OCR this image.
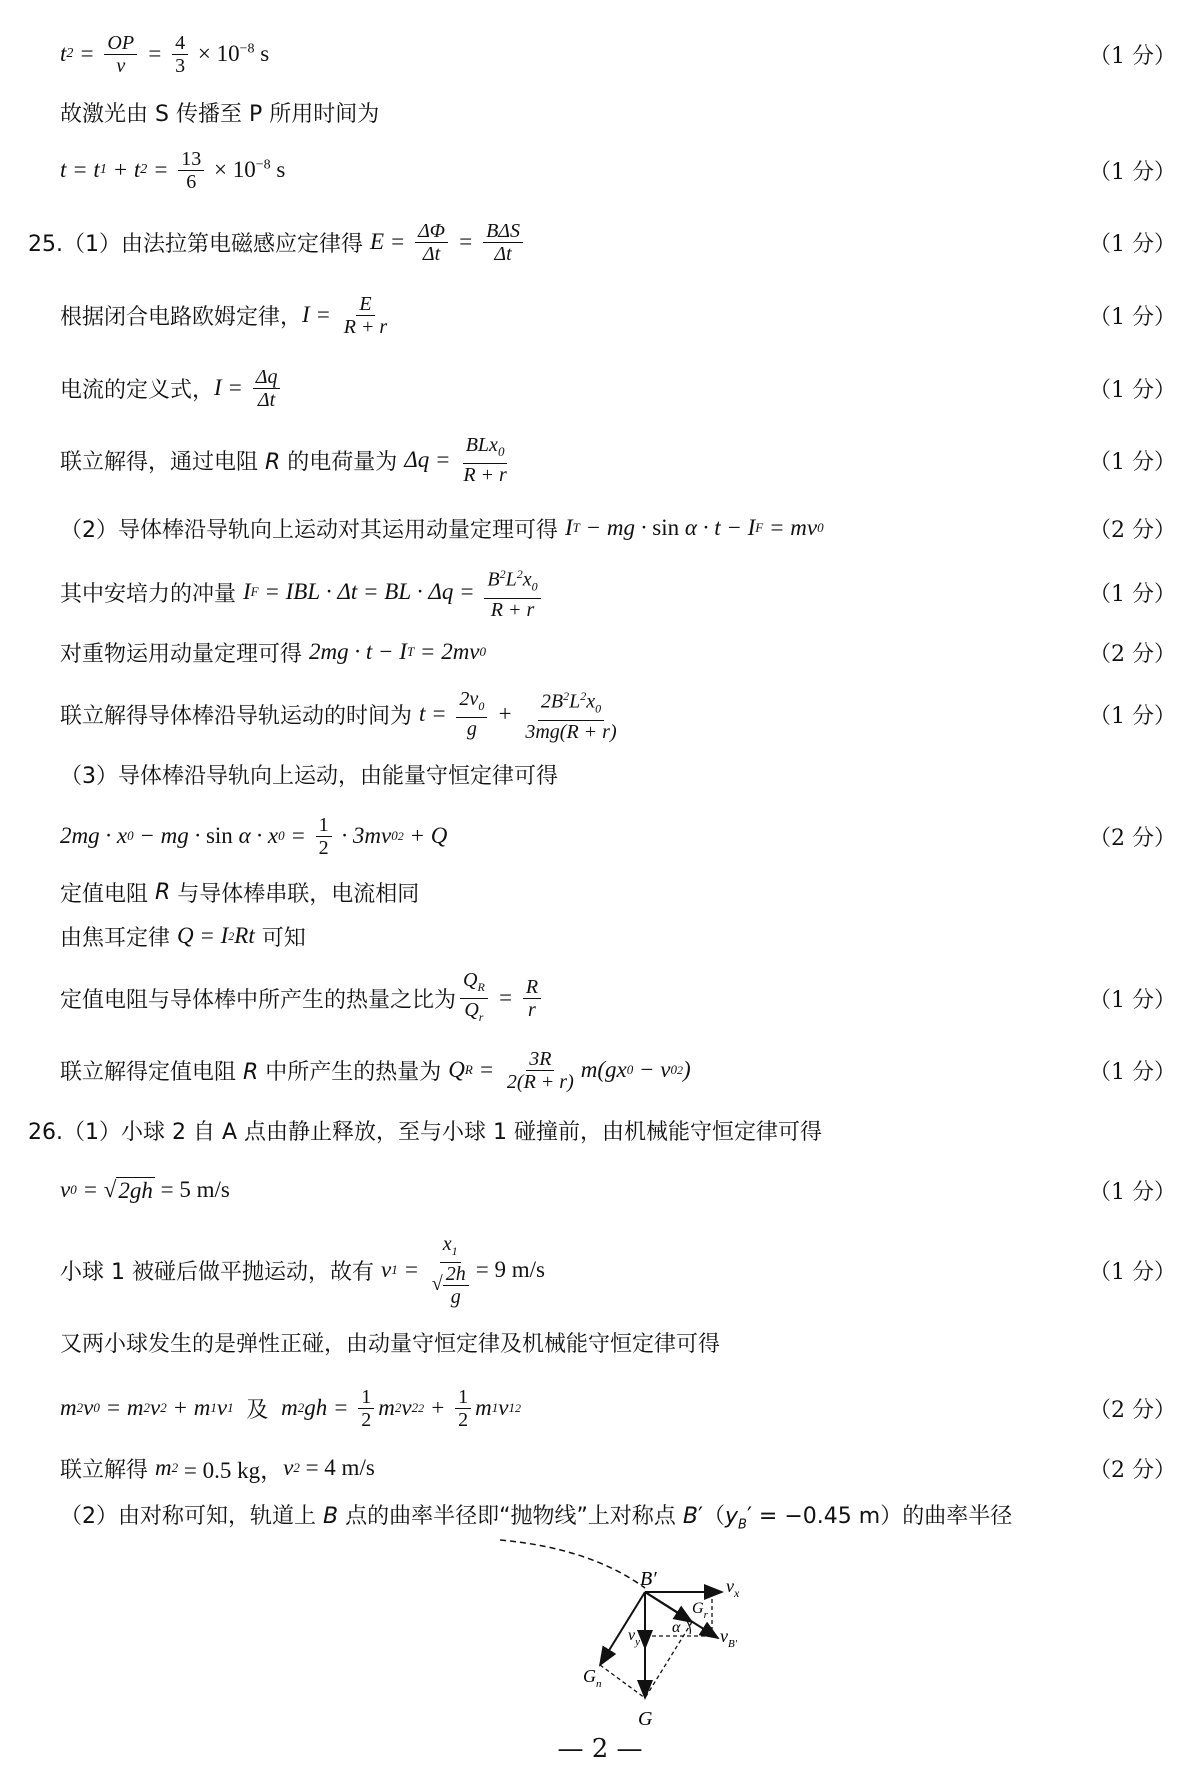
t $2 = \frac{OP}{v} = \frac{4}{3} \times 10^{-8}$ s	（1 分）
故激光由 S 传播至 P 所用时间为
t = t 1 + t $2 = \frac{13}{6} \times 10^{-8}$ s	（1 分）
25.（1）由法拉第电磁感应定律得 $E = \frac{\Delta\Phi}{\Delta t} = \frac{\text{BΔS}}{\Delta t}$	（1 分）
根据闭合电路欧姆定律， $I = \frac{E}{R + r}$	（1 分）
电流的定义式， $I = \frac{\Delta q}{\Delta t}$	（1 分）
联立解得，通过电阻 R 的电荷量为 $\Delta q = \frac{BLx_0}{R + r}$	（1 分）
（2）导体棒沿导轨向上运动对其运用动量定理可得 I T − mg · sin α · t − I F = mv 0	（2 分）
其中安培力的冲量 I F = IBL · Δt = BL · $\Delta q = \frac{B^2L^2x_0}{R + r}$	（1 分）
对重物运用动量定理可得 2mg · t − I T = 2mv 0	（2 分）
联立解得导体棒沿导轨运动的时间为 $t = \frac{2v_0}{g} + \frac{2B^2L^2x_0}{3mg(R + r)}$	（1 分）
（3）导体棒沿导轨向上运动，由能量守恒定律可得
2mg · x 0 − mg · sin α · x $0 = \frac{1}{2} \cdot 3mv$ 0 2 + Q	（2 分）
定值电阻 R 与导体棒串联，电流相同
由焦耳定律 Q = I 2 Rt 可知
定值电阻与导体棒中所产生的热量之比为 $\frac{Q_R}{Q_r} = \frac{R}{r}$	（1 分）
联立解得定值电阻 R 中所产生的热量为 Q $R = \frac{3R}{2(R + r)} m(gx$ 0 − v 0 2 )	（1 分）
26.（1）小球 2 自 A 点由静止释放，至与小球 1 碰撞前，由机械能守恒定律可得
v 0 = √ 2gh
= 5 m/s	（1 分）
小球 1 被碰后做平抛运动，故有 v $1 = \frac{x_1}{√ \frac{2h}{g}} = 9$ m/s	（1 分）
又两小球发生的是弹性正碰，由动量守恒定律及机械能守恒定律可得
m 2 v 0 = m 2 v 2 + m 1 v 1
及 m 2 gh = $\frac{1}{2}$ m 2 v 2 $2 + \frac{1}{2}$ m 1 v 1 2	（2 分）
联立解得 m 2
= 0.5 kg， v 2
= 4 m/s	（2 分）
（2）由对称可知，轨道上 B 点的曲率半径即“抛物线”上对称点 $B'(y_B' = -0.45$ m）的曲率半径
B′	$v_x$
$v_y$
G
$v_{B'}$
$G_n$
$G_r$
α
— 2 —
